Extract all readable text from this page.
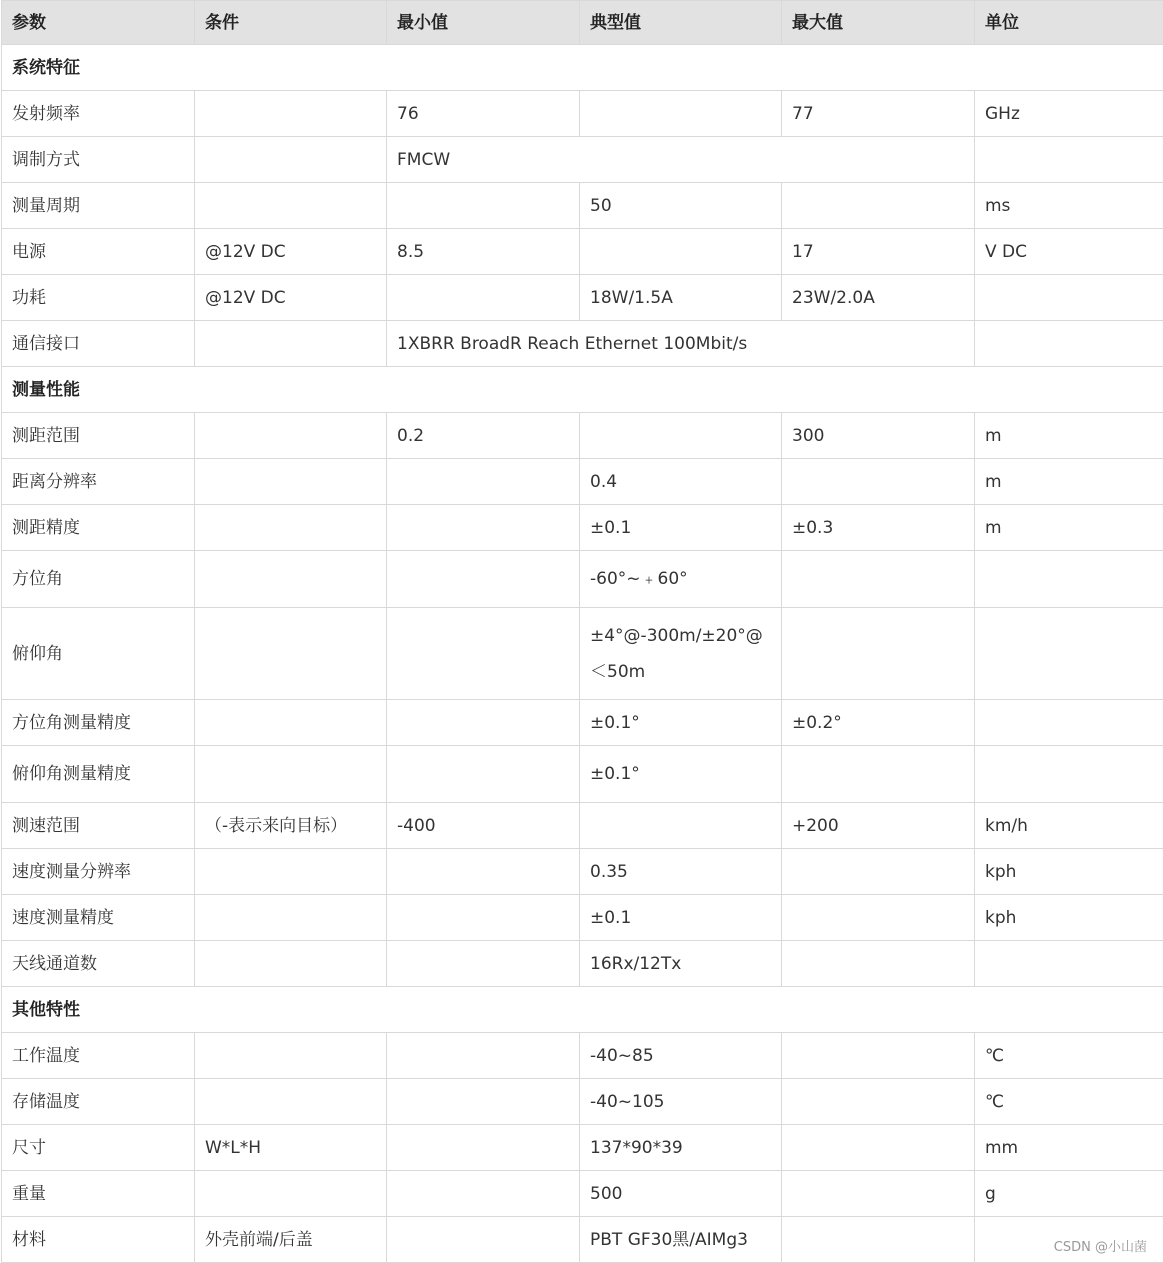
参数	条件	最小值	典型值	最大值	单位
系统特征					
发射频率		76		77	GHz
调制方式		FMCW			
测量周期			50		ms
电源	@12V DC	8.5		17	V DC
功耗	@12V DC		18W/1.5A	23W/2.0A	
通信接口		1XBRR BroadR Reach Ethernet 100Mbit/s			
测量性能					
测距范围		0.2		300	m
距离分辨率			0.4		m
测距精度			±0.1	±0.3	m
方位角			-60°~﹢60°		
俯仰角			±4°@-300m/±20°@＜50m		
方位角测量精度			±0.1°	±0.2°	
俯仰角测量精度			±0.1°		
测速范围	（-表示来向目标）	-400		+200	km/h
速度测量分辨率			0.35		kph
速度测量精度			±0.1		kph
天线通道数			16Rx/12Tx		
其他特性					
工作温度			-40~85		℃
存储温度			-40~105		℃
尺寸	W*L*H		137*90*39		mm
重量			500		g
材料	外壳前端/后盖		PBT GF30黑/AIMg3			CSDN @小山菌
